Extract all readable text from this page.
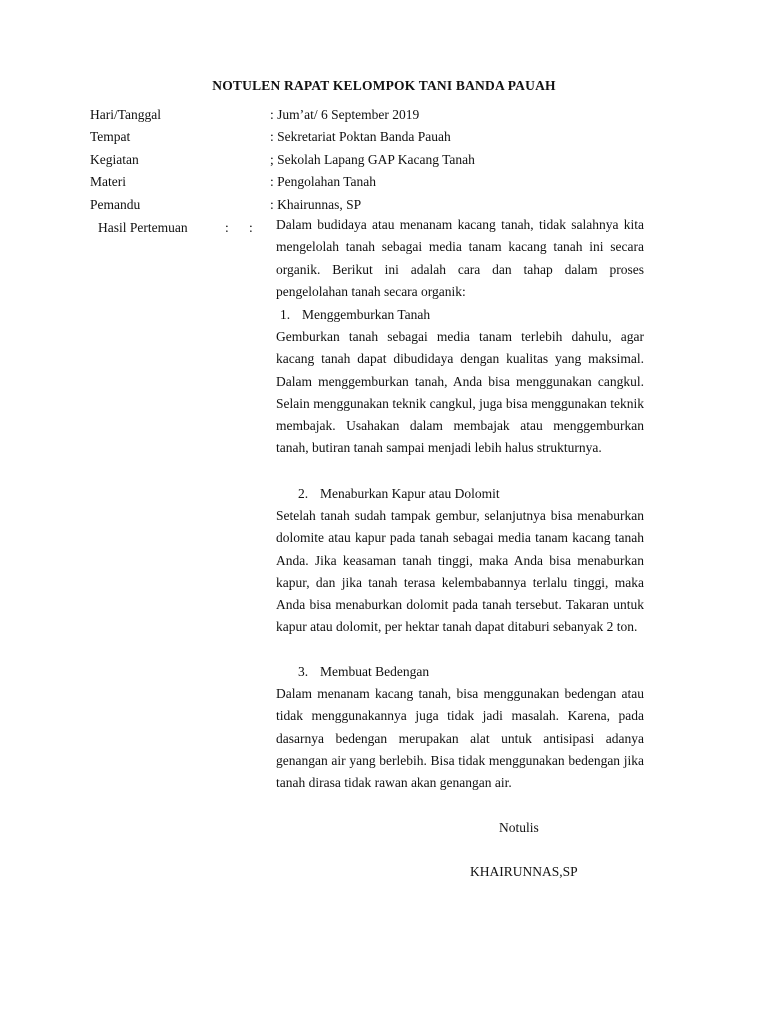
NOTULEN RAPAT KELOMPOK TANI BANDA PAUAH
Hari/Tanggal	: Jum’at/ 6 September 2019
Tempat	: Sekretariat Poktan Banda Pauah
Kegiatan	; Sekolah Lapang GAP Kacang Tanah
Materi	: Pengolahan Tanah
Pemandu	: Khairunnas, SP
Hasil Pertemuan	: : Dalam budidaya atau menanam kacang tanah, tidak salahnya kita mengelolah tanah sebagai media tanam kacang tanah ini secara organik. Berikut ini adalah cara dan tahap dalam proses pengelolahan tanah secara organik:
1. Menggemburkan Tanah
Gemburkan tanah sebagai media tanam terlebih dahulu, agar kacang tanah dapat dibudidaya dengan kualitas yang maksimal. Dalam menggemburkan tanah, Anda bisa menggunakan cangkul. Selain menggunakan teknik cangkul, juga bisa menggunakan teknik membajak. Usahakan dalam membajak atau menggemburkan tanah, butiran tanah sampai menjadi lebih halus strukturnya.
2. Menaburkan Kapur atau Dolomit
Setelah tanah sudah tampak gembur, selanjutnya bisa menaburkan dolomite atau kapur pada tanah sebagai media tanam kacang tanah Anda. Jika keasaman tanah tinggi, maka Anda bisa menaburkan kapur, dan jika tanah terasa kelembabannya terlalu tinggi, maka Anda bisa menaburkan dolomit pada tanah tersebut. Takaran untuk kapur atau dolomit, per hektar tanah dapat ditaburi sebanyak 2 ton.
3. Membuat Bedengan
Dalam menanam kacang tanah, bisa menggunakan bedengan atau tidak menggunakannya juga tidak jadi masalah. Karena, pada dasarnya bedengan merupakan alat untuk antisipasi adanya genangan air yang berlebih. Bisa tidak menggunakan bedengan jika tanah dirasa tidak rawan akan genangan air.
Notulis
KHAIRUNNAS,SP
